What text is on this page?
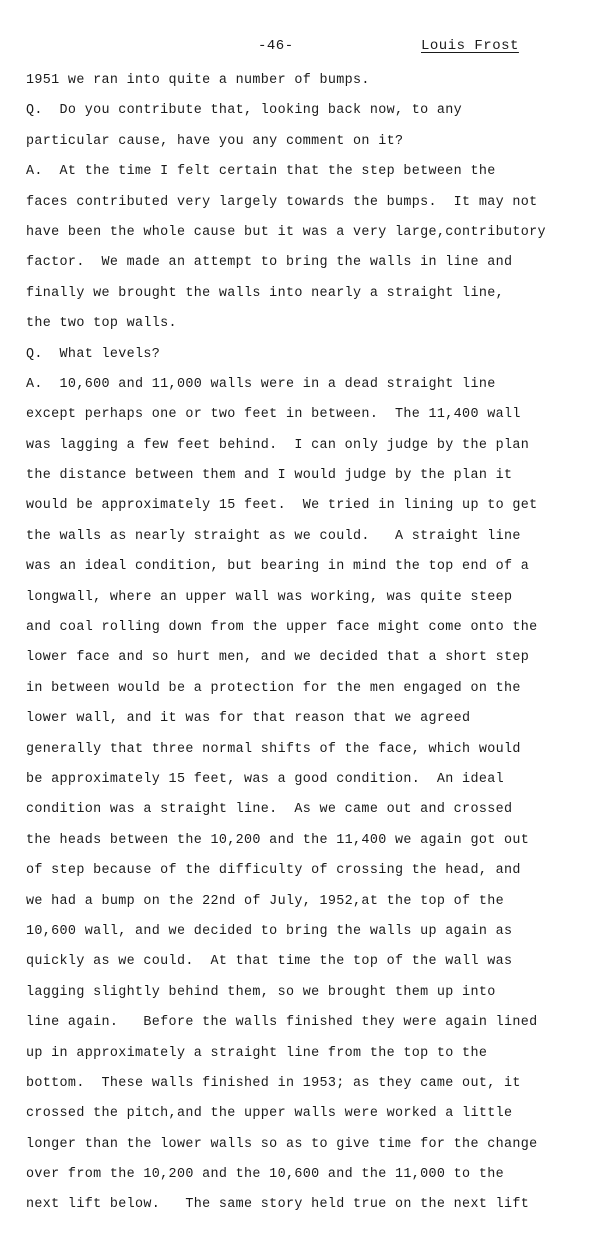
-46-	Louis Frost
1951 we ran into quite a number of bumps.
Q.  Do you contribute that, looking back now, to any
particular cause, have you any comment on it?
A.  At the time I felt certain that the step between the
faces contributed very largely towards the bumps.  It may not
have been the whole cause but it was a very large,contributory
factor.  We made an attempt to bring the walls in line and
finally we brought the walls into nearly a straight line,
the two top walls.
Q.  What levels?
A.  10,600 and 11,000 walls were in a dead straight line
except perhaps one or two feet in between.  The 11,400 wall
was lagging a few feet behind.  I can only judge by the plan
the distance between them and I would judge by the plan it
would be approximately 15 feet.  We tried in lining up to get
the walls as nearly straight as we could.   A straight line
was an ideal condition, but bearing in mind the top end of a
longwall, where an upper wall was working, was quite steep
and coal rolling down from the upper face might come onto the
lower face and so hurt men, and we decided that a short step
in between would be a protection for the men engaged on the
lower wall, and it was for that reason that we agreed
generally that three normal shifts of the face, which would
be approximately 15 feet, was a good condition.  An ideal
condition was a straight line.  As we came out and crossed
the heads between the 10,200 and the 11,400 we again got out
of step because of the difficulty of crossing the head, and
we had a bump on the 22nd of July, 1952,at the top of the
10,600 wall, and we decided to bring the walls up again as
quickly as we could.  At that time the top of the wall was
lagging slightly behind them, so we brought them up into
line again.   Before the walls finished they were again lined
up in approximately a straight line from the top to the
bottom.  These walls finished in 1953; as they came out, it
crossed the pitch,and the upper walls were worked a little
longer than the lower walls so as to give time for the change
over from the 10,200 and the 10,600 and the 11,000 to the
next lift below.   The same story held true on the next lift
